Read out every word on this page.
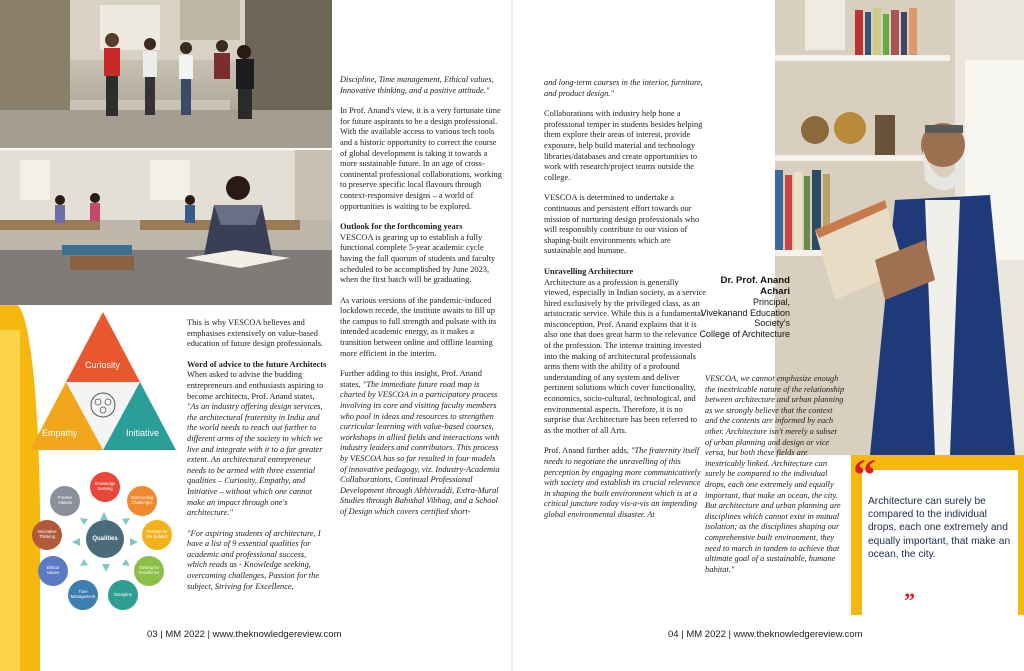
Curiosity
Empathy	Initiative
Qualities
Knowledge Seeking
Overcoming Challenges
Passion for the Subject
Striving for Excellence
Discipline
Time Management
Ethical Values
Innovative Thinking
Positive Attitude

This is why VESCOA believes and emphasises extensively on value-based education of future design professionals.

Word of advice to the future Architects
When asked to advise the budding entrepreneurs and enthusiasts aspiring to become architects, Prof. Anand states, "As an industry offering design services, the architectural fraternity in India and the world needs to reach out further to different arms of the society in which we live and integrate with it to a far greater extent. An architectural entrepreneur needs to be armed with three essential qualities – Curiosity, Empathy, and Initiative – without which one cannot make an impact through one's architecture."

"For aspiring students of architecture, I have a list of 9 essential qualities for academic and professional success, which reads as - Knowledge seeking, overcoming challenges, Passion for the subject, Striving for Excellence,

Discipline, Time management, Ethical values, Innovative thinking, and a positive attitude."

In Prof. Anand's view, it is a very fortunate time for future aspirants to be a design professional. With the available access to various tech tools and a historic opportunity to correct the course of global development is taking it towards a more sustainable future. In an age of cross-continental professional collaborations, working to preserve specific local flavours through context-responsive designs – a world of opportunities is waiting to be explored.

Outlook for the forthcoming years
VESCOA is gearing up to establish a fully functional complete 5-year academic cycle having the full quorum of students and faculty scheduled to be accomplished by June 2023, when the first batch will be graduating.

As various versions of the pandemic-induced lockdown recede, the institute awaits to fill up the campus to full strength and pulsate with its intended academic energy, as it makes a transition between online and offline learning more efficient in the interim.

Further adding to this insight, Prof. Anand states, "The immediate future road map is charted by VESCOA in a participatory process involving its core and visiting faculty members who pool in ideas and resources to strengthen curricular learning with value-based courses, workshops in allied fields and interactions with industry leaders and contributors. This process by VESCOA has so far resulted in four models of innovative pedagogy, viz. Industry-Academia Collaborations, Continual Professional Development through Abhivruddi, Extra-Mural Studies through Bahishal Vibhag, and a School of Design which covers certified short-

and long-term courses in the interior, furniture, and product design."

Collaborations with industry help hone a professional temper in students besides helping them explore their areas of interest, provide exposure, help build material and technology libraries/databases and create opportunities to work with research/project teams outside the college.

VESCOA is determined to undertake a continuous and persistent effort towards our mission of nurturing design professionals who will responsibly contribute to our vision of shaping-built environments which are sustainable and humane.

Unravelling Architecture
Architecture as a profession is generally viewed, especially in Indian society, as a service hired exclusively by the privileged class, as an aristocratic service. While this is a fundamental misconception, Prof. Anand explains that it is also one that does great harm to the relevance of the profession. The intense training invested into the making of architectural professionals arms them with the ability of a profound understanding of any system and deliver pertinent solutions which cover functionality, economics, socio-cultural, technological, and environmental aspects. Therefore, it is no surprise that Architecture has been referred to as the mother of all Arts.

Prof. Anand further adds, "The fraternity itself needs to negotiate the unravelling of this perception by engaging more communicatively with society and establish its crucial relevance in shaping the built environment which is at a critical juncture today vis-a-vis an impending global environmental disaster. At

VESCOA, we cannot emphasize enough the inextricable nature of the relationship between architecture and urban planning as we strongly believe that the context and the contents are informed by each other. Architecture isn't merely a subset of urban planning and design or vice versa, but both these fields are inextricably linked. Architecture can surely be compared to the individual drops, each one extremely and equally important, that make an ocean, the city. But architecture and urban planning are disciplines which cannot exist in mutual isolation; as the disciplines shaping our comprehensive built environment, they need to march in tandem to achieve that ultimate goal of a sustainable, humane habitat."

Dr. Prof. Anand Achari
Principal,
Vivekanand Education Society's
College of Architecture
“
Architecture can surely be compared to the individual drops, each one extremely and equally important, that make an ocean, the city.
”
03 | MM 2022 | www.theknowledgereview.com	04 | MM 2022 | www.theknowledgereview.com
